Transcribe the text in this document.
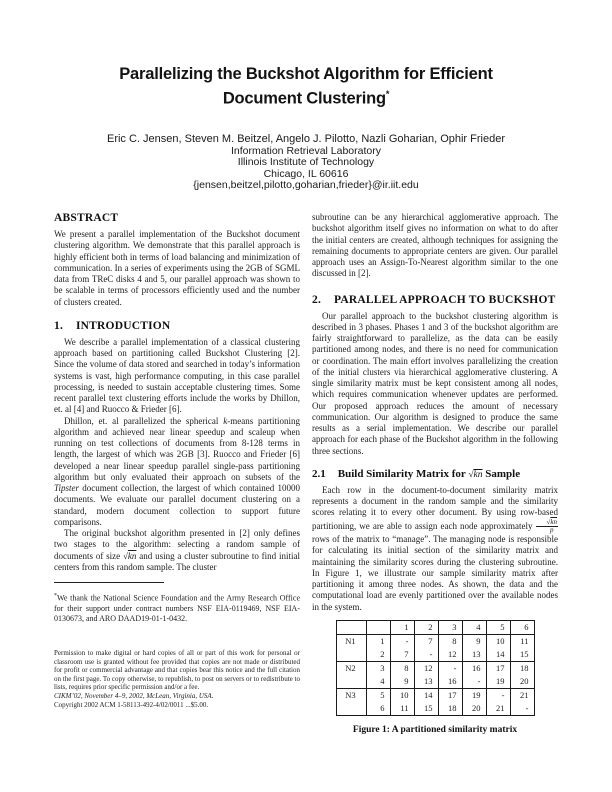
Parallelizing the Buckshot Algorithm for Efficient
Document Clustering*
Eric C. Jensen, Steven M. Beitzel, Angelo J. Pilotto, Nazli Goharian, Ophir Frieder
Information Retrieval Laboratory
Illinois Institute of Technology
Chicago, IL 60616
{jensen,beitzel,pilotto,goharian,frieder}@ir.iit.edu
ABSTRACT

We present a parallel implementation of the Buckshot document clustering algorithm. We demonstrate that this parallel approach is highly efficient both in terms of load balancing and minimization of communication. In a series of experiments using the 2GB of SGML data from TReC disks 4 and 5, our parallel approach was shown to be scalable in terms of processors efficiently used and the number of clusters created.

1. INTRODUCTION

We describe a parallel implementation of a classical clustering approach based on partitioning called Buckshot Clustering [2]. Since the volume of data stored and searched in today’s information systems is vast, high performance computing, in this case parallel processing, is needed to sustain acceptable clustering times. Some recent parallel text clustering efforts include the works by Dhillon, et. al [4] and Ruocco & Frieder [6].

Dhillon, et. al parallelized the spherical k-means partitioning algorithm and achieved near linear speedup and scaleup when running on test collections of documents from 8-128 terms in length, the largest of which was 2GB [3]. Ruocco and Frieder [6] developed a near linear speedup parallel single-pass partitioning algorithm but only evaluated their approach on subsets of the Tipster document collection, the largest of which contained 10000 documents. We evaluate our parallel document clustering on a standard, modern document collection to support future comparisons.

The original buckshot algorithm presented in [2] only defines two stages to the algorithm: selecting a random sample of documents of size √kn and using a cluster subroutine to find initial centers from this random sample. The cluster

*We thank the National Science Foundation and the Army Research Office for their support under contract numbers NSF EIA-0119469, NSF EIA-0130673, and ARO DAAD19-01-1-0432.

Permission to make digital or hard copies of all or part of this work for personal or classroom use is granted without fee provided that copies are not made or distributed for profit or commercial advantage and that copies bear this notice and the full citation on the first page. To copy otherwise, to republish, to post on servers or to redistribute to lists, requires prior specific permission and/or a fee.
CIKM’02, November 4–9, 2002, McLean, Virginia, USA.
Copyright 2002 ACM 1-58113-492-4/02/0011 ...$5.00.

subroutine can be any hierarchical agglomerative approach. The buckshot algorithm itself gives no information on what to do after the initial centers are created, although techniques for assigning the remaining documents to appropriate centers are given. Our parallel approach uses an Assign-To-Nearest algorithm similar to the one discussed in [2].

2. PARALLEL APPROACH TO BUCKSHOT

Our parallel approach to the buckshot clustering algorithm is described in 3 phases. Phases 1 and 3 of the buckshot algorithm are fairly straightforward to parallelize, as the data can be easily partitioned among nodes, and there is no need for communication or coordination. The main effort involves parallelizing the creation of the initial clusters via hierarchical agglomerative clustering. A single similarity matrix must be kept consistent among all nodes, which requires communication whenever updates are performed. Our proposed approach reduces the amount of necessary communication. Our algorithm is designed to produce the same results as a serial implementation. We describe our parallel approach for each phase of the Buckshot algorithm in the following three sections.

2.1 Build Similarity Matrix for √kn Sample

Each row in the document-to-document similarity matrix represents a document in the random sample and the similarity scores relating it to every other document. By using row-based partitioning, we are able to assign each node approximately $\frac{√kn}{p}$
rows of the matrix to “manage”. The managing node is responsible for calculating its initial section of the similarity matrix and maintaining the similarity scores during the clustering subroutine. In Figure 1, we illustrate our sample similarity matrix after partitioning it among three nodes. As shown, the data and the computational load are evenly partitioned over the available nodes in the system.

		1	2	3	4	5	6
N1	1	-	7	8	9	10	11
	2	7	-	12	13	14	15
N2	3	8	12	-	16	17	18
	4	9	13	16	-	19	20
N3	5	10	14	17	19	-	21
	6	11	15	18	20	21	-
Figure 1: A partitioned similarity matrix
